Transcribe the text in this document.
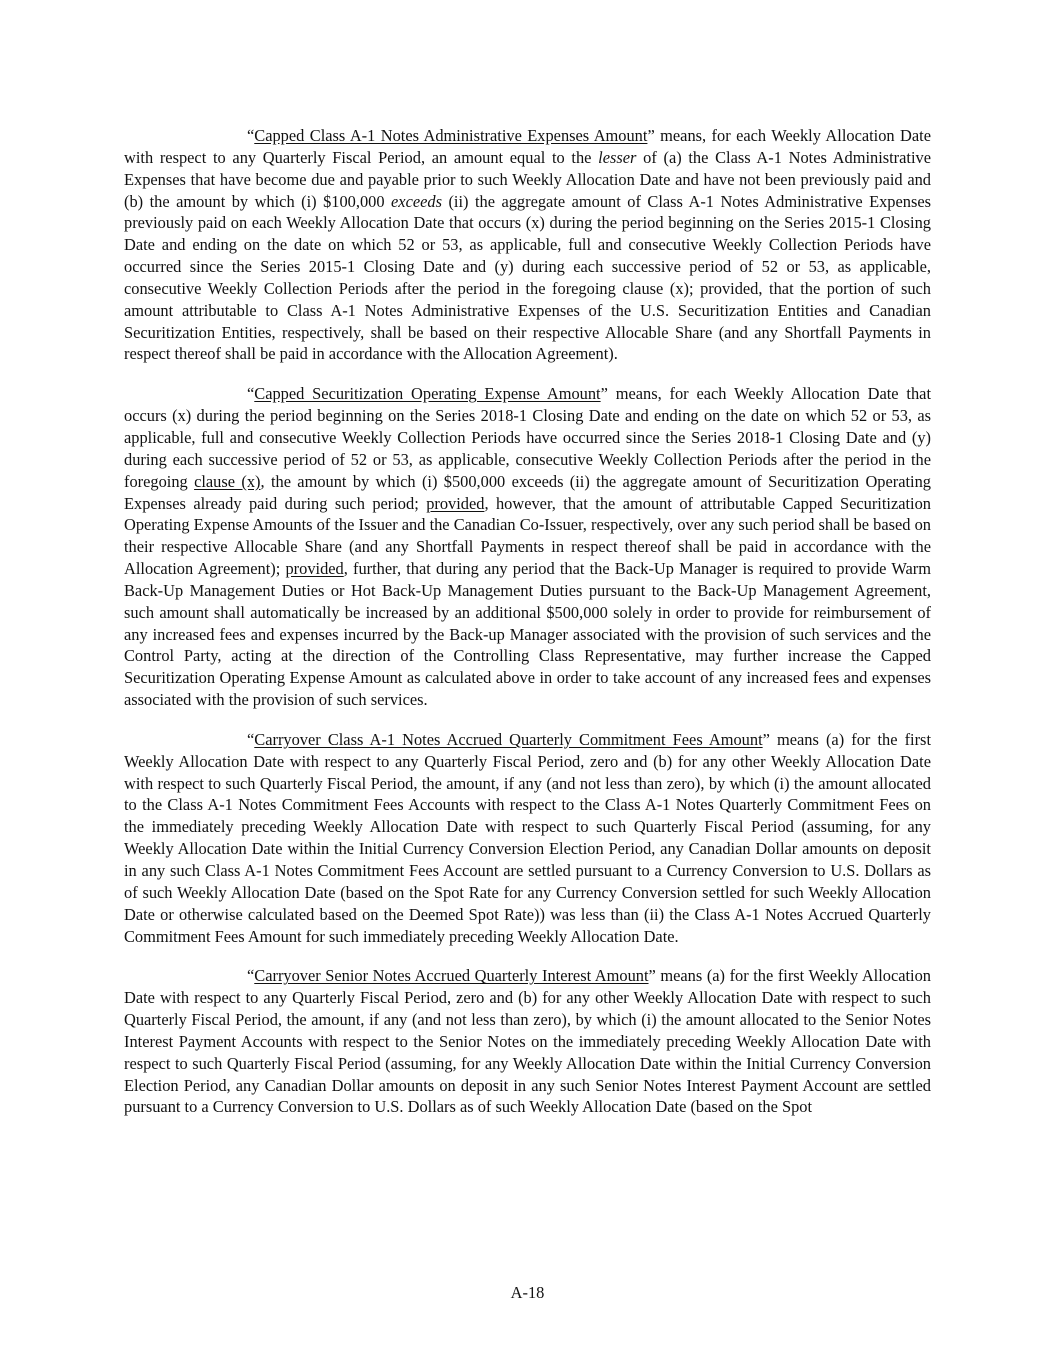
“Capped Class A-1 Notes Administrative Expenses Amount” means, for each Weekly Allocation Date with respect to any Quarterly Fiscal Period, an amount equal to the lesser of (a) the Class A-1 Notes Administrative Expenses that have become due and payable prior to such Weekly Allocation Date and have not been previously paid and (b) the amount by which (i) $100,000 exceeds (ii) the aggregate amount of Class A-1 Notes Administrative Expenses previously paid on each Weekly Allocation Date that occurs (x) during the period beginning on the Series 2015-1 Closing Date and ending on the date on which 52 or 53, as applicable, full and consecutive Weekly Collection Periods have occurred since the Series 2015-1 Closing Date and (y) during each successive period of 52 or 53, as applicable, consecutive Weekly Collection Periods after the period in the foregoing clause (x); provided, that the portion of such amount attributable to Class A-1 Notes Administrative Expenses of the U.S. Securitization Entities and Canadian Securitization Entities, respectively, shall be based on their respective Allocable Share (and any Shortfall Payments in respect thereof shall be paid in accordance with the Allocation Agreement).

“Capped Securitization Operating Expense Amount” means, for each Weekly Allocation Date that occurs (x) during the period beginning on the Series 2018-1 Closing Date and ending on the date on which 52 or 53, as applicable, full and consecutive Weekly Collection Periods have occurred since the Series 2018-1 Closing Date and (y) during each successive period of 52 or 53, as applicable, consecutive Weekly Collection Periods after the period in the foregoing clause (x), the amount by which (i) $500,000 exceeds (ii) the aggregate amount of Securitization Operating Expenses already paid during such period; provided, however, that the amount of attributable Capped Securitization Operating Expense Amounts of the Issuer and the Canadian Co-Issuer, respectively, over any such period shall be based on their respective Allocable Share (and any Shortfall Payments in respect thereof shall be paid in accordance with the Allocation Agreement); provided, further, that during any period that the Back-Up Manager is required to provide Warm Back-Up Management Duties or Hot Back-Up Management Duties pursuant to the Back-Up Management Agreement, such amount shall automatically be increased by an additional $500,000 solely in order to provide for reimbursement of any increased fees and expenses incurred by the Back-up Manager associated with the provision of such services and the Control Party, acting at the direction of the Controlling Class Representative, may further increase the Capped Securitization Operating Expense Amount as calculated above in order to take account of any increased fees and expenses associated with the provision of such services.

“Carryover Class A-1 Notes Accrued Quarterly Commitment Fees Amount” means (a) for the first Weekly Allocation Date with respect to any Quarterly Fiscal Period, zero and (b) for any other Weekly Allocation Date with respect to such Quarterly Fiscal Period, the amount, if any (and not less than zero), by which (i) the amount allocated to the Class A-1 Notes Commitment Fees Accounts with respect to the Class A-1 Notes Quarterly Commitment Fees on the immediately preceding Weekly Allocation Date with respect to such Quarterly Fiscal Period (assuming, for any Weekly Allocation Date within the Initial Currency Conversion Election Period, any Canadian Dollar amounts on deposit in any such Class A-1 Notes Commitment Fees Account are settled pursuant to a Currency Conversion to U.S. Dollars as of such Weekly Allocation Date (based on the Spot Rate for any Currency Conversion settled for such Weekly Allocation Date or otherwise calculated based on the Deemed Spot Rate)) was less than (ii) the Class A-1 Notes Accrued Quarterly Commitment Fees Amount for such immediately preceding Weekly Allocation Date.

“Carryover Senior Notes Accrued Quarterly Interest Amount” means (a) for the first Weekly Allocation Date with respect to any Quarterly Fiscal Period, zero and (b) for any other Weekly Allocation Date with respect to such Quarterly Fiscal Period, the amount, if any (and not less than zero), by which (i) the amount allocated to the Senior Notes Interest Payment Accounts with respect to the Senior Notes on the immediately preceding Weekly Allocation Date with respect to such Quarterly Fiscal Period (assuming, for any Weekly Allocation Date within the Initial Currency Conversion Election Period, any Canadian Dollar amounts on deposit in any such Senior Notes Interest Payment Account are settled pursuant to a Currency Conversion to U.S. Dollars as of such Weekly Allocation Date (based on the Spot

A-18
